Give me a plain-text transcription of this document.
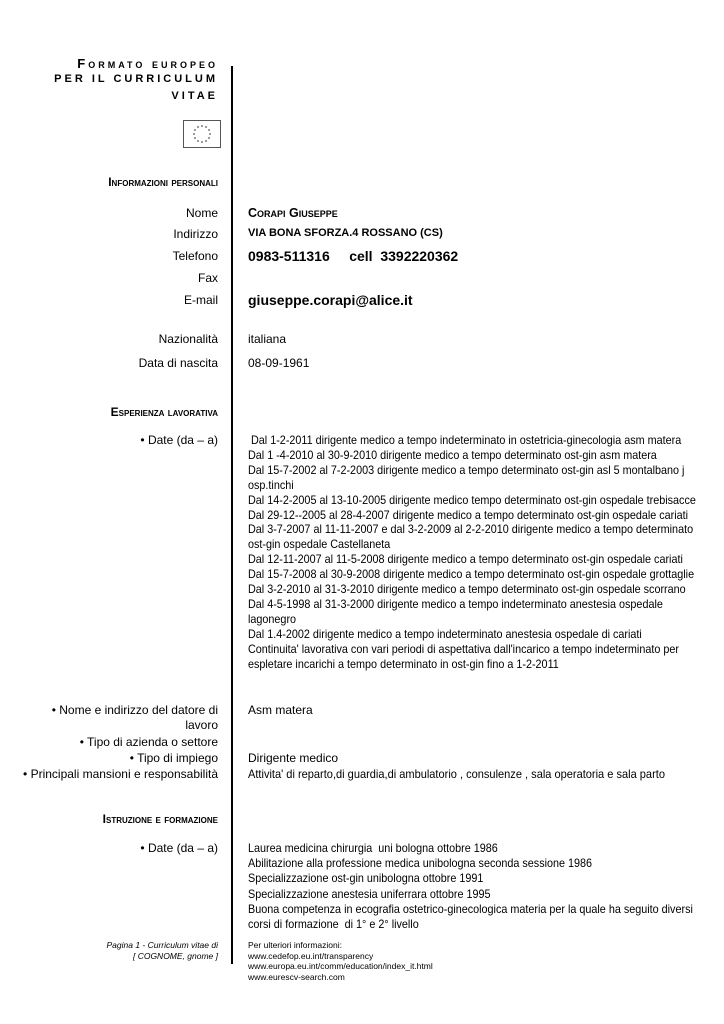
Formato europeo
PER IL CURRICULUM
VITAE
Informazioni personali
Nome Corapi Giuseppe
Indirizzo	VIA BONA SFORZA.4 ROSSANO (CS)
Telefono 0983-511316     cell  3392220362
Fax
E-mail giuseppe.corapi@alice.it
Nazionalità	italiana
Data di nascita	08-09-1961
Esperienza lavorativa
• Date (da – a)	Dal 1-2-2011 dirigente medico a tempo indeterminato in ostetricia-ginecologia asm matera
Dal 1 -4-2010 al 30-9-2010 dirigente medico a tempo determinato ost-gin asm matera
Dal 15-7-2002 al 7-2-2003 dirigente medico a tempo determinato ost-gin asl 5 montalbano j
osp.tinchi
Dal 14-2-2005 al 13-10-2005 dirigente medico tempo determinato ost-gin ospedale trebisacce
Dal 29-12--2005 al 28-4-2007 dirigente medico a tempo determinato ost-gin ospedale cariati
Dal 3-7-2007 al 11-11-2007 e dal 3-2-2009 al 2-2-2010 dirigente medico a tempo determinato
ost-gin ospedale Castellaneta
Dal 12-11-2007 al 11-5-2008 dirigente medico a tempo determinato ost-gin ospedale cariati
Dal 15-7-2008 al 30-9-2008 dirigente medico a tempo determinato ost-gin ospedale grottaglie
Dal 3-2-2010 al 31-3-2010 dirigente medico a tempo determinato ost-gin ospedale scorrano
Dal 4-5-1998 al 31-3-2000 dirigente medico a tempo indeterminato anestesia ospedale
lagonegro
Dal 1.4-2002 dirigente medico a tempo indeterminato anestesia ospedale di cariati
Continuita' lavorativa con vari periodi di aspettativa dall'incarico a tempo indeterminato per
espletare incarichi a tempo determinato in ost-gin fino a 1-2-2011
• Nome e indirizzo del datore di lavoro
Asm matera
• Tipo di azienda o settore
• Tipo di impiego	Dirigente medico
• Principali mansioni e responsabilità	Attivita' di reparto,di guardia,di ambulatorio , consulenze , sala operatoria e sala parto
Istruzione e formazione
• Date (da – a)	Laurea medicina chirurgia  uni bologna ottobre 1986
Abilitazione alla professione medica unibologna seconda sessione 1986
Specializzazione ost-gin unibologna ottobre 1991
Specializzazione anestesia uniferrara ottobre 1995
Buona competenza in ecografia ostetrico-ginecologica materia per la quale ha seguito diversi
corsi di formazione  di 1° e 2° livello
Pagina 1 - Curriculum vitae di
[ COGNOME, gnome ]
Per ulteriori informazioni:
www.cedefop.eu.int/transparency
www.europa.eu.int/comm/education/index_it.html
www.eurescv-search.com
